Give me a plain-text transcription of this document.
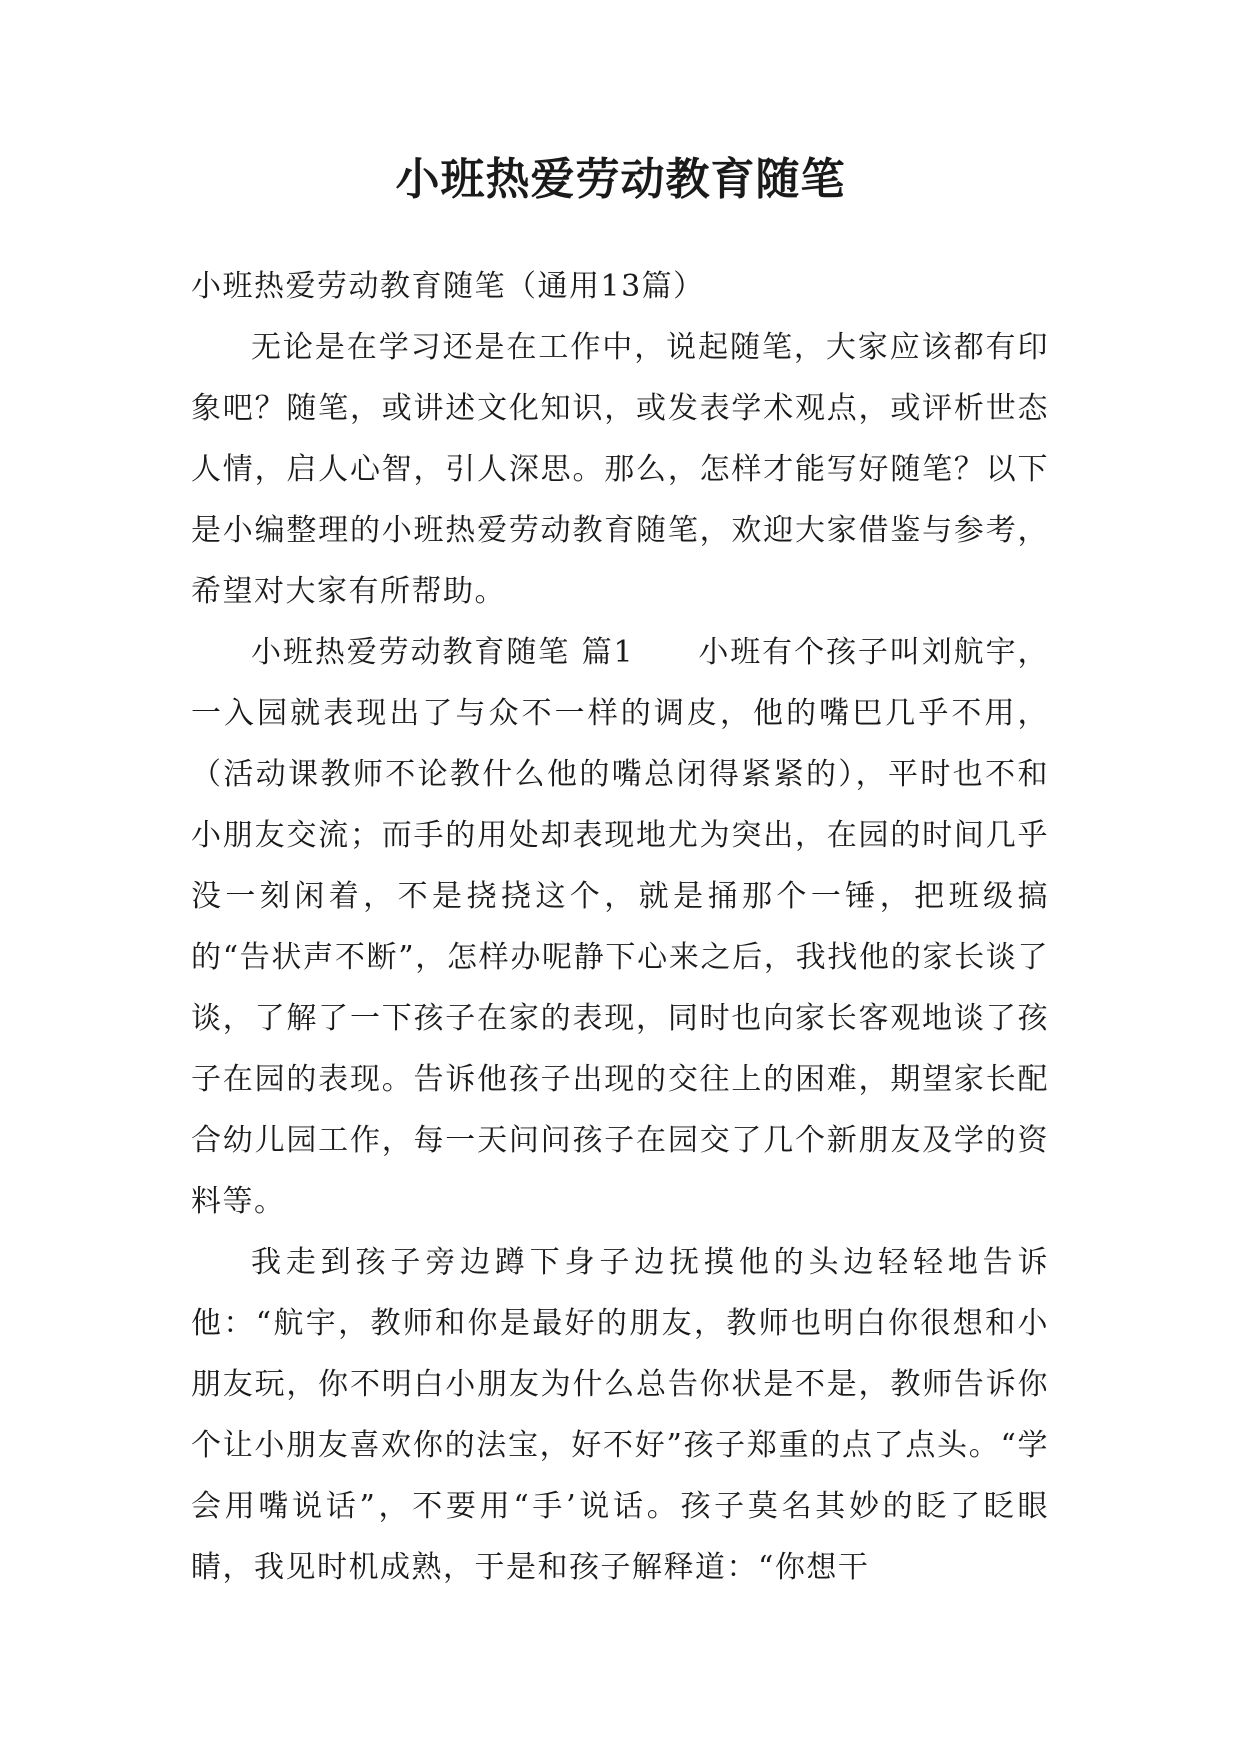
小班热爱劳动教育随笔

小班热爱劳动教育随笔（通用13篇）

无论是在学习还是在工作中，说起随笔，大家应该都有印象吧？随笔，或讲述文化知识，或发表学术观点，或评析世态人情，启人心智，引人深思。那么，怎样才能写好随笔？以下是小编整理的小班热爱劳动教育随笔，欢迎大家借鉴与参考，希望对大家有所帮助。

小班热爱劳动教育随笔 篇1　　小班有个孩子叫刘航宇，一入园就表现出了与众不一样的调皮，他的嘴巴几乎不用，（活动课教师不论教什么他的嘴总闭得紧紧的），平时也不和小朋友交流；而手的用处却表现地尤为突出，在园的时间几乎没一刻闲着，不是挠挠这个，就是捅那个一锤，把班级搞的“告状声不断”，怎样办呢静下心来之后，我找他的家长谈了谈，了解了一下孩子在家的表现，同时也向家长客观地谈了孩子在园的表现。告诉他孩子出现的交往上的困难，期望家长配合幼儿园工作，每一天问问孩子在园交了几个新朋友及学的资料等。

我走到孩子旁边蹲下身子边抚摸他的头边轻轻地告诉他：“航宇，教师和你是最好的朋友，教师也明白你很想和小朋友玩，你不明白小朋友为什么总告你状是不是，教师告诉你个让小朋友喜欢你的法宝，好不好”孩子郑重的点了点头。“学会用嘴说话”，不要用“手’说话。孩子莫名其妙的眨了眨眼睛，我见时机成熟，于是和孩子解释道：“你想干
